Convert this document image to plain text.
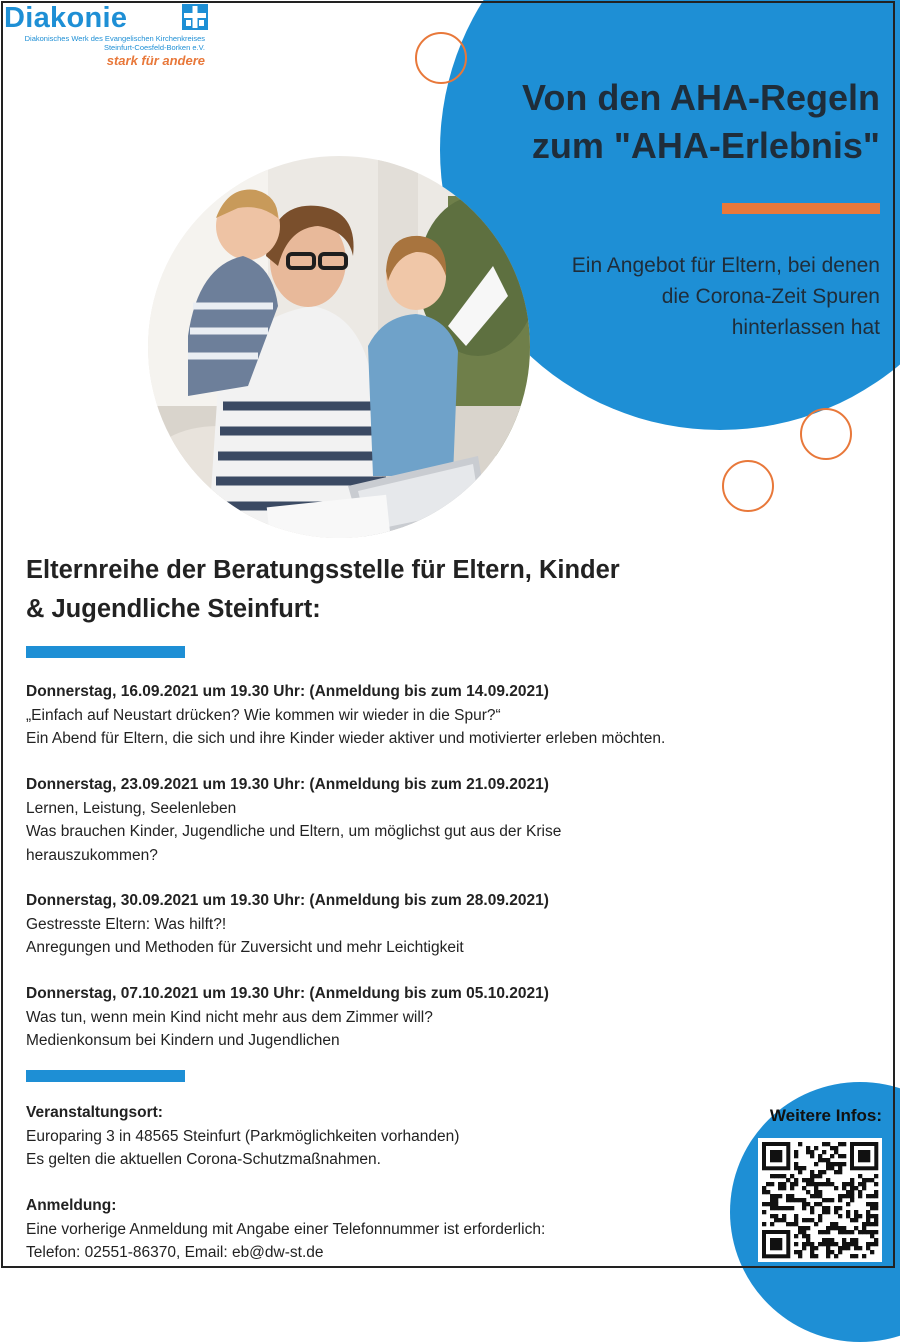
Diakonie
Diakonisches Werk des Evangelischen Kirchenkreises
Steinfurt-Coesfeld-Borken e.V.
stark für andere
Von den AHA-Regeln
zum "AHA-Erlebnis"
Ein Angebot für Eltern, bei denen
die Corona-Zeit Spuren
hinterlassen hat
Elternreihe der Beratungsstelle für Eltern, Kinder
& Jugendliche Steinfurt:
Donnerstag, 16.09.2021 um 19.30 Uhr: (Anmeldung bis zum 14.09.2021)
„Einfach auf Neustart drücken? Wie kommen wir wieder in die Spur?“
Ein Abend für Eltern, die sich und ihre Kinder wieder aktiver und motivierter erleben möchten.
Donnerstag, 23.09.2021 um 19.30 Uhr: (Anmeldung bis zum 21.09.2021)
Lernen, Leistung, Seelenleben
Was brauchen Kinder, Jugendliche und Eltern, um möglichst gut aus der Krise
herauszukommen?
Donnerstag, 30.09.2021 um 19.30 Uhr: (Anmeldung bis zum 28.09.2021)
Gestresste Eltern: Was hilft?!
Anregungen und Methoden für Zuversicht und mehr Leichtigkeit
Donnerstag, 07.10.2021 um 19.30 Uhr: (Anmeldung bis zum 05.10.2021)
Was tun, wenn mein Kind nicht mehr aus dem Zimmer will?
Medienkonsum bei Kindern und Jugendlichen
Veranstaltungsort:
Europaring 3 in 48565 Steinfurt (Parkmöglichkeiten vorhanden)
Es gelten die aktuellen Corona-Schutzmaßnahmen.
Anmeldung:
Eine vorherige Anmeldung mit Angabe einer Telefonnummer ist erforderlich:
Telefon: 02551-86370, Email: eb@dw-st.de
Weitere Infos:
